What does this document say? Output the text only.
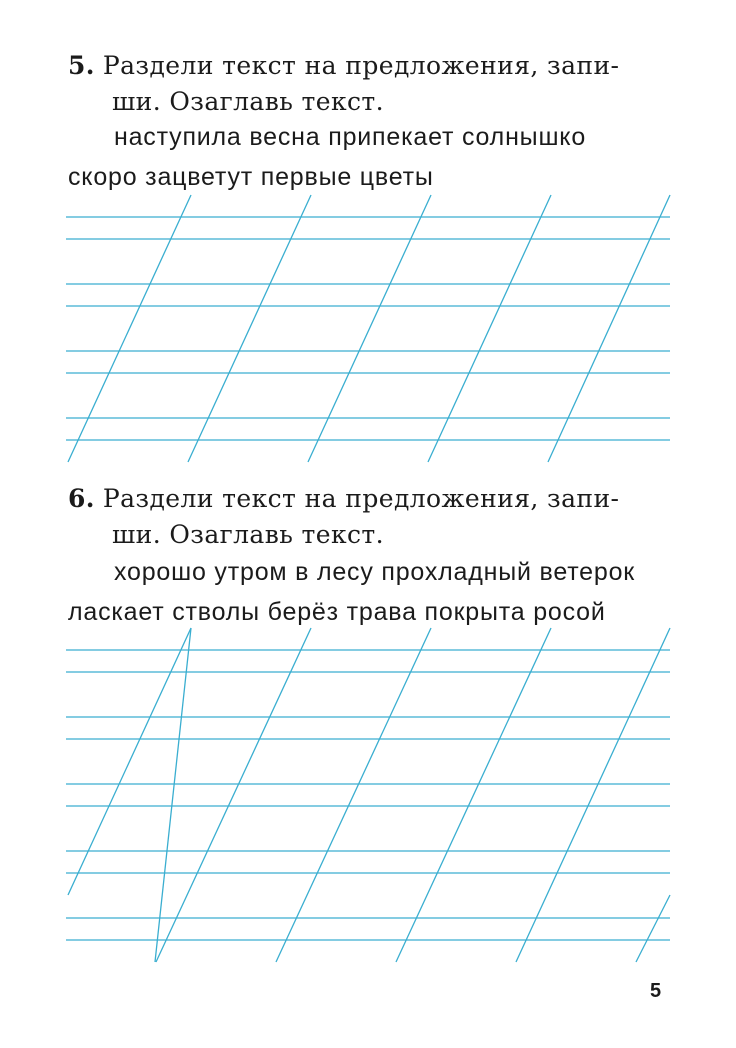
5. Раздели текст на предложения, запи-
ши. Озаглавь текст.

наступила весна припекает солнышко
скоро зацветут первые цветы

6. Раздели текст на предложения, запи-
ши. Озаглавь текст.

хорошо утром в лесу прохладный ветерок
ласкает стволы берёз трава покрыта росой

5
